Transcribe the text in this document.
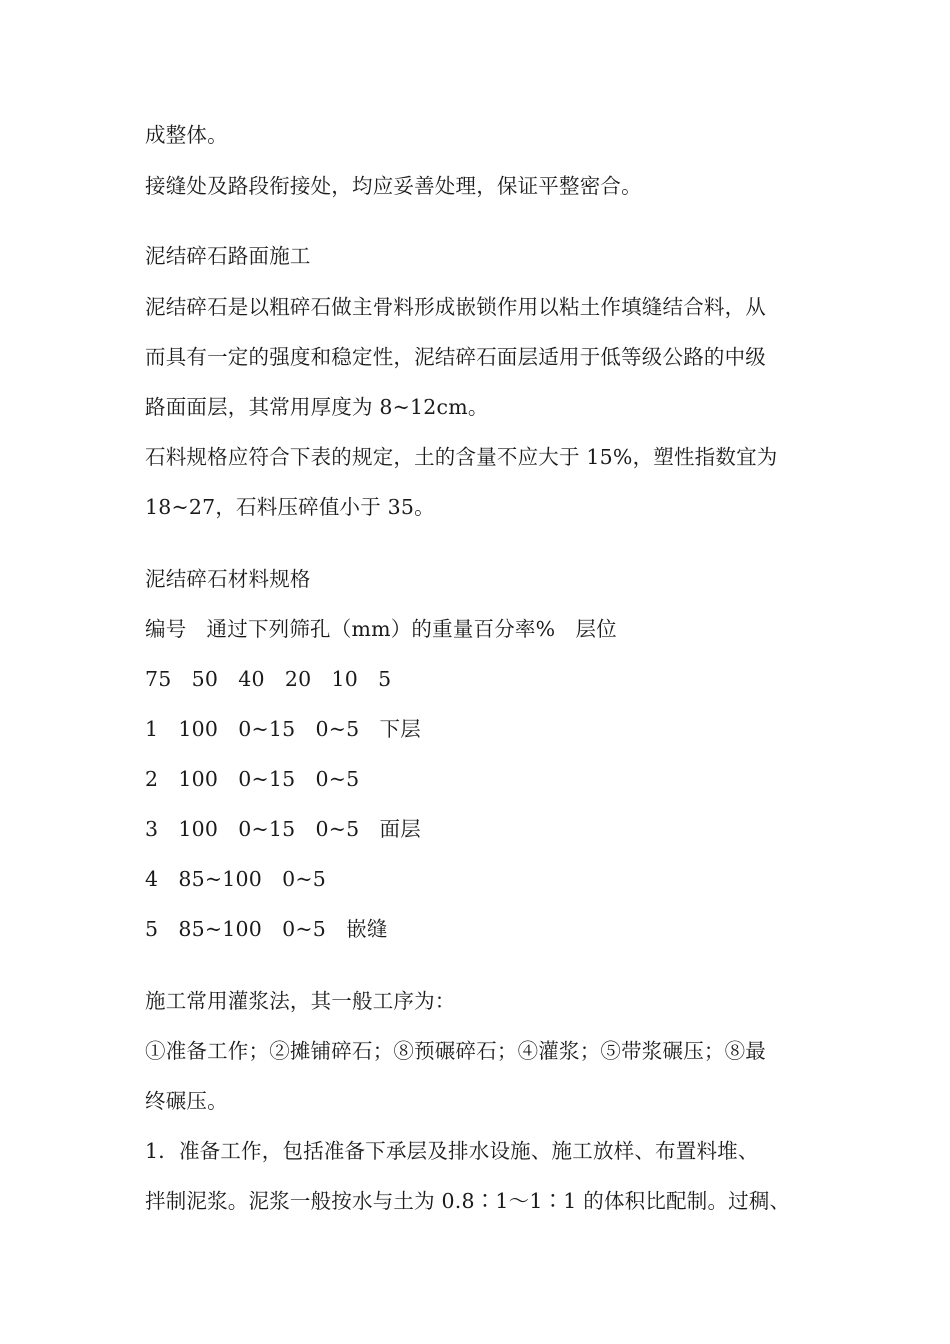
成整体。
接缝处及路段衔接处，均应妥善处理，保证平整密合。
泥结碎石路面施工
泥结碎石是以粗碎石做主骨料形成嵌锁作用以粘土作填缝结合料，从
而具有一定的强度和稳定性，泥结碎石面层适用于低等级公路的中级
路面面层，其常用厚度为 8~12cm。
石料规格应符合下表的规定，土的含量不应大于 15%，塑性指数宜为
18~27，石料压碎值小于 35。
泥结碎石材料规格
编号   通过下列筛孔（mm）的重量百分率%   层位
75   50   40   20   10   5
1   100   0~15   0~5   下层
2   100   0~15   0~5
3   100   0~15   0~5   面层
4   85~100   0~5
5   85~100   0~5   嵌缝
施工常用灌浆法，其一般工序为：
①准备工作；②摊铺碎石；⑧预碾碎石；④灌浆；⑤带浆碾压；⑧最
终碾压。
1．准备工作，包括准备下承层及排水设施、施工放样、布置料堆、
拌制泥浆。泥浆一般按水与土为 0.8∶1～1∶1 的体积比配制。过稠、
